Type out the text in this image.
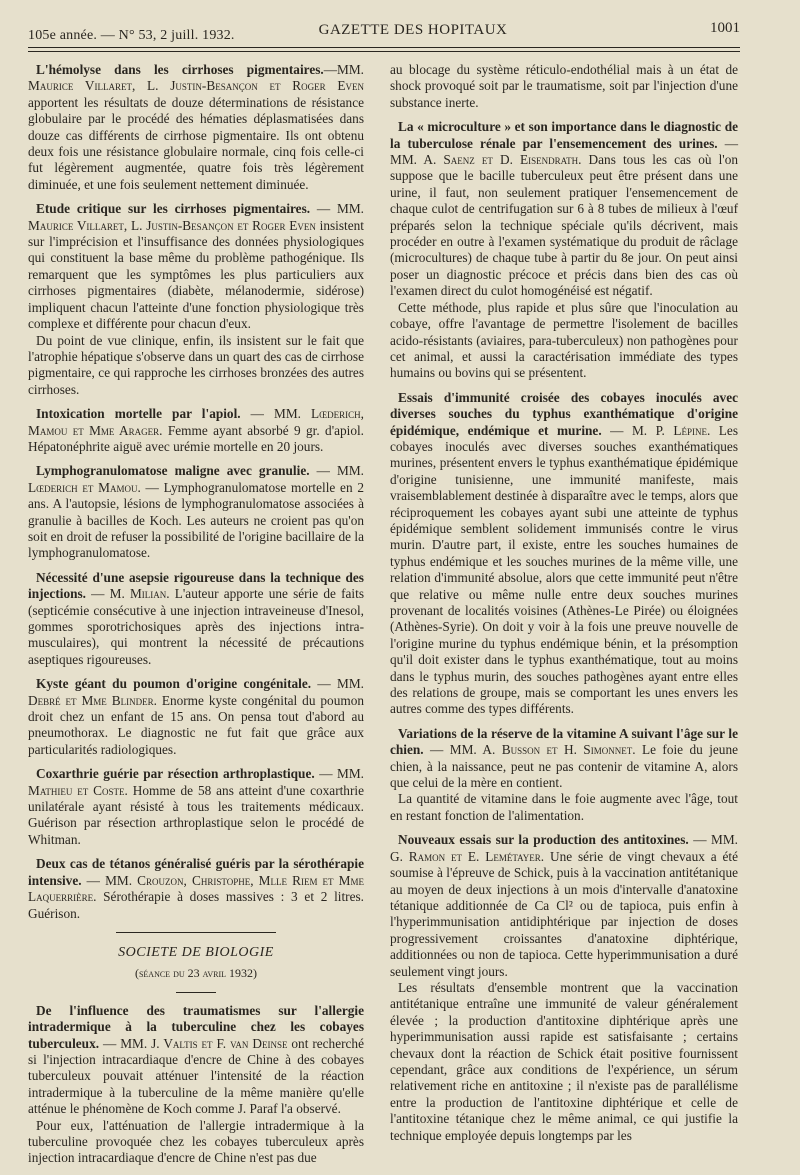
105e année. — N° 53, 2 juill. 1932.	GAZETTE DES HOPITAUX	1001
L'hémolyse dans les cirrhoses pigmentaires.—MM. Maurice Villaret, L. Justin-Besançon et Roger Even apportent les résultats de douze déterminations de résistance globulaire par le procédé des hématies déplasmatisées dans douze cas différents de cirrhose pigmentaire. Ils ont obtenu deux fois une résistance globulaire normale, cinq fois celle-ci fut légèrement augmentée, quatre fois très légèrement diminuée, et une fois seulement nettement diminuée.
Etude critique sur les cirrhoses pigmentaires. — MM. Maurice Villaret, L. Justin-Besançon et Roger Even insistent sur l'imprécision et l'insuffisance des données physiologiques qui constituent la base même du problème pathogénique. Ils remarquent que les symptômes les plus particuliers aux cirrhoses pigmentaires (diabète, mélanodermie, sidérose) impliquent chacun l'atteinte d'une fonction physiologique très complexe et différente pour chacun d'eux.

Du point de vue clinique, enfin, ils insistent sur le fait que l'atrophie hépatique s'observe dans un quart des cas de cirrhose pigmentaire, ce qui rapproche les cirrhoses bronzées des autres cirrhoses.

Intoxication mortelle par l'apiol. — MM. Lœderich, Mamou et Mme Arager. Femme ayant absorbé 9 gr. d'apiol. Hépatonéphrite aiguë avec urémie mortelle en 20 jours.
Lymphogranulomatose maligne avec granulie. — MM. Lœderich et Mamou. — Lymphogranulomatose mortelle en 2 ans. A l'autopsie, lésions de lymphogranulomatose associées à granulie à bacilles de Koch. Les auteurs ne croient pas qu'on soit en droit de refuser la possibilité de l'origine bacillaire de la lymphogranulomatose.
Nécessité d'une asepsie rigoureuse dans la technique des injections. — M. Milian. L'auteur apporte une série de faits (septicémie consécutive à une injection intraveineuse d'Inesol, gommes sporotrichosiques après des injections intra-musculaires), qui montrent la nécessité de précautions aseptiques rigoureuses.
Kyste géant du poumon d'origine congénitale. — MM. Debré et Mme Blinder. Enorme kyste congénital du poumon droit chez un enfant de 15 ans. On pensa tout d'abord au pneumothorax. Le diagnostic ne fut fait que grâce aux particularités radiologiques.
Coxarthrie guérie par résection arthroplastique. — MM. Mathieu et Coste. Homme de 58 ans atteint d'une coxarthrie unilatérale ayant résisté à tous les traitements médicaux. Guérison par résection arthroplastique selon le procédé de Whitman.
Deux cas de tétanos généralisé guéris par la sérothérapie intensive. — MM. Crouzon, Christophe, Mlle Riem et Mme Laquerrière. Sérothérapie à doses massives : 3 et 2 litres. Guérison.
SOCIETE DE BIOLOGIE
(séance du 23 avril 1932)
De l'influence des traumatismes sur l'allergie intradermique à la tuberculine chez les cobayes tuberculeux. — MM. J. Valtis et F. van Deinse ont recherché si l'injection intracardiaque d'encre de Chine à des cobayes tuberculeux pouvait atténuer l'intensité de la réaction intradermique à la tuberculine de la même manière qu'elle atténue le phénomène de Koch comme J. Paraf l'a observé.

Pour eux, l'atténuation de l'allergie intradermique à la tuberculine provoquée chez les cobayes tuberculeux après injection intracardiaque d'encre de Chine n'est pas due

au blocage du système réticulo-endothélial mais à un état de shock provoqué soit par le traumatisme, soit par l'injection d'une substance inerte.
La « microculture » et son importance dans le diagnostic de la tuberculose rénale par l'ensemencement des urines. — MM. A. Saenz et D. Eisendrath. Dans tous les cas où l'on suppose que le bacille tuberculeux peut être présent dans une urine, il faut, non seulement pratiquer l'ensemencement de chaque culot de centrifugation sur 6 à 8 tubes de milieux à l'œuf préparés selon la technique spéciale qu'ils décrivent, mais procéder en outre à l'examen systématique du produit de râclage (microcultures) de chaque tube à partir du 8e jour. On peut ainsi poser un diagnostic précoce et précis dans bien des cas où l'examen direct du culot homogénéisé est négatif.

Cette méthode, plus rapide et plus sûre que l'inoculation au cobaye, offre l'avantage de permettre l'isolement de bacilles acido-résistants (aviaires, para-tuberculeux) non pathogènes pour cet animal, et aussi la caractérisation immédiate des types humains ou bovins qui se présentent.

Essais d'immunité croisée des cobayes inoculés avec diverses souches du typhus exanthématique d'origine épidémique, endémique et murine. — M. P. Lépine. Les cobayes inoculés avec diverses souches exanthématiques murines, présentent envers le typhus exanthématique épidémique d'origine tunisienne, une immunité manifeste, mais vraisemblablement destinée à disparaître avec le temps, alors que réciproquement les cobayes ayant subi une atteinte de typhus épidémique semblent solidement immunisés contre le virus murin. D'autre part, il existe, entre les souches humaines de typhus endémique et les souches murines de la même ville, une relation d'immunité absolue, alors que cette immunité peut n'être que relative ou même nulle entre deux souches murines provenant de localités voisines (Athènes-Le Pirée) ou éloignées (Athènes-Syrie). On doit y voir à la fois une preuve nouvelle de l'origine murine du typhus endémique bénin, et la présomption qu'il doit exister dans le typhus exanthématique, tout au moins dans le typhus murin, des souches pathogènes ayant entre elles des relations de groupe, mais se comportant les unes envers les autres comme des types différents.
Variations de la réserve de la vitamine A suivant l'âge sur le chien. — MM. A. Busson et H. Simonnet. Le foie du jeune chien, à la naissance, peut ne pas contenir de vitamine A, alors que celui de la mère en contient.

La quantité de vitamine dans le foie augmente avec l'âge, tout en restant fonction de l'alimentation.

Nouveaux essais sur la production des antitoxines. — MM. G. Ramon et E. Lemétayer. Une série de vingt chevaux a été soumise à l'épreuve de Schick, puis à la vaccination antitétanique au moyen de deux injections à un mois d'intervalle d'anatoxine tétanique additionnée de Ca Cl² ou de tapioca, puis enfin à l'hyperimmunisation antidiphtérique par injection de doses progressivement croissantes d'anatoxine diphtérique, additionnées ou non de tapioca. Cette hyperimmunisation a duré seulement vingt jours.

Les résultats d'ensemble montrent que la vaccination antitétanique entraîne une immunité de valeur généralement élevée ; la production d'antitoxine diphtérique après une hyperimmunisation aussi rapide est satisfaisante ; certains chevaux dont la réaction de Schick était positive fournissent cependant, grâce aux conditions de l'expérience, un sérum relativement riche en antitoxine ; il n'existe pas de parallélisme entre la production de l'antitoxine diphtérique et celle de l'antitoxine tétanique chez le même animal, ce qui justifie la technique employée depuis longtemps par les
